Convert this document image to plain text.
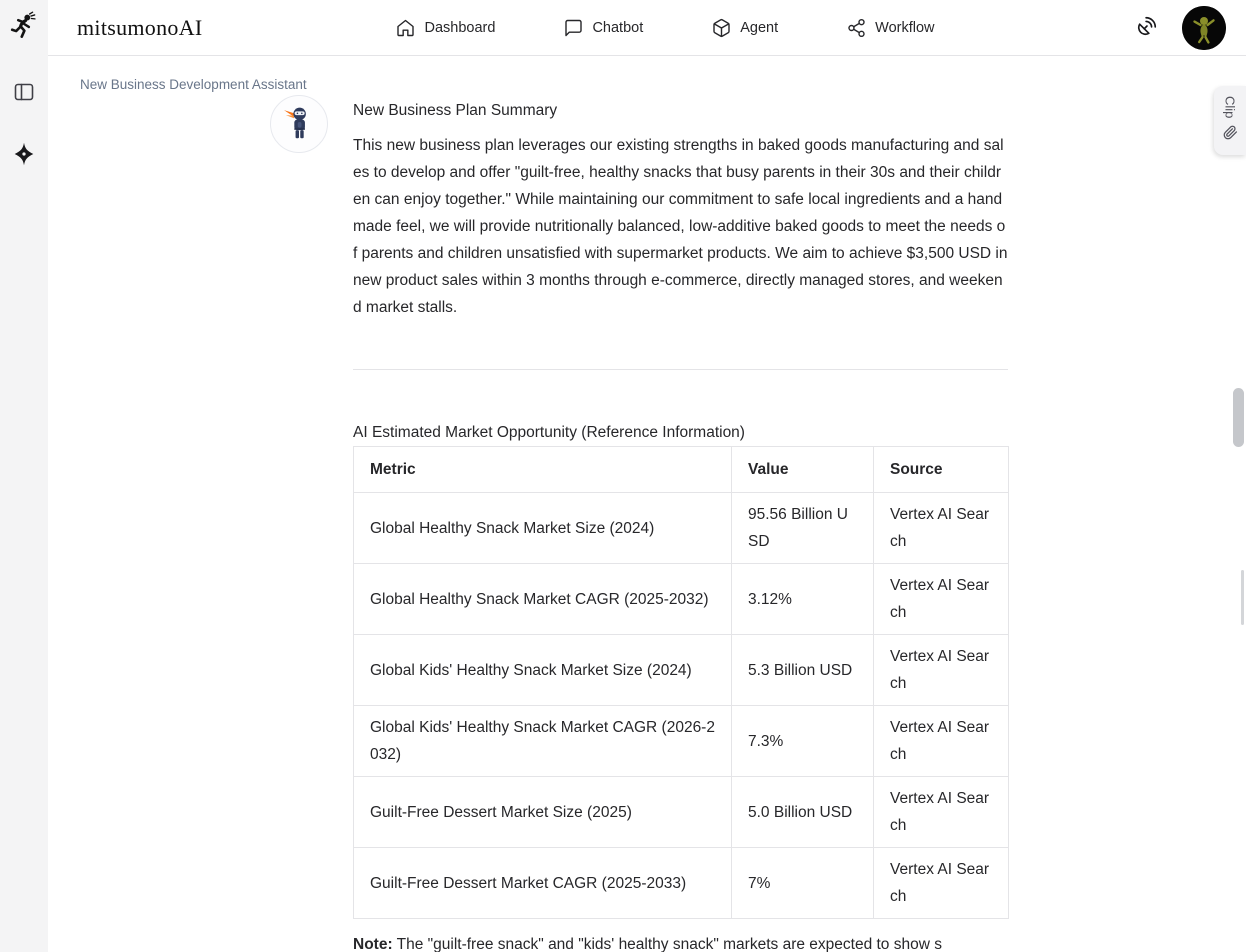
mitsumonoAI	Dashboard	Chatbot	Agent	Workflow
New Business Development Assistant

New Business Plan Summary

This new business plan leverages our existing strengths in baked goods manufacturing and sales to develop and offer "guilt-free, healthy snacks that busy parents in their 30s and their children can enjoy together." While maintaining our commitment to safe local ingredients and a handmade feel, we will provide nutritionally balanced, low-additive baked goods to meet the needs of parents and children unsatisfied with supermarket products. We aim to achieve $3,500 USD in new product sales within 3 months through e-commerce, directly managed stores, and weekend market stalls.

AI Estimated Market Opportunity (Reference Information)

Metric	Value	Source
Global Healthy Snack Market Size (2024)	95.56 Billion USD	Vertex AI Search
Global Healthy Snack Market CAGR (2025-2032)	3.12%	Vertex AI Search
Global Kids' Healthy Snack Market Size (2024)	5.3 Billion USD	Vertex AI Search
Global Kids' Healthy Snack Market CAGR (2026-2032)	7.3%	Vertex AI Search
Guilt-Free Dessert Market Size (2025)	5.0 Billion USD	Vertex AI Search
Guilt-Free Dessert Market CAGR (2025-2033)	7%	Vertex AI Search

Note: The "guilt-free snack" and "kids' healthy snack" markets are expected to show s

Clip
